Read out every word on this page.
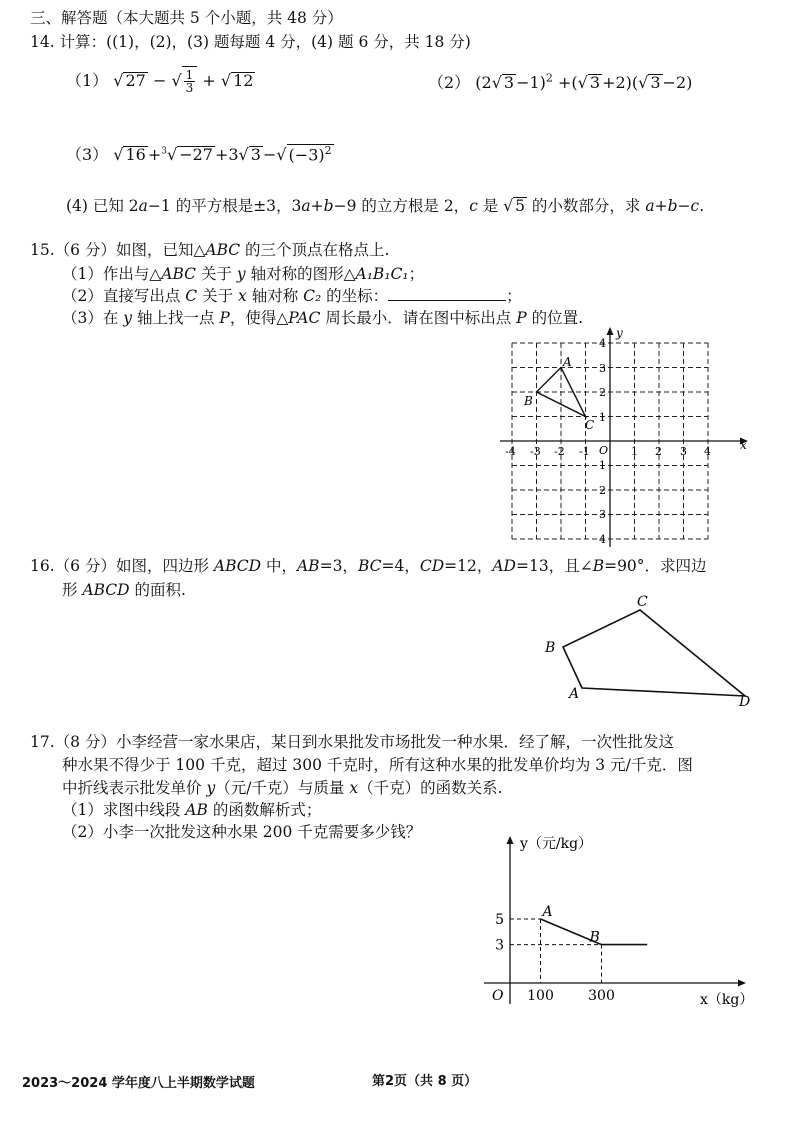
三、解答题（本大题共 5 个小题，共 48 分）
14. 计算：((1)，(2)，(3) 题每题 4 分，(4) 题 6 分，共 18 分)
（1） √ 27 − √ $\frac{1}{3}$ + √ 12	（2） (2√ 3 −1)$^2$ +(√ 3 +2)(√ 3 −2)
（3） √ 16 +$^3$√ −27 +3√ 3 −√ $(-3)^2$
(4) 已知 2a−1 的平方根是±3，3a+b−9 的立方根是 2，c 是 √ 5 的小数部分，求 a+b−c.
15.（6 分）如图，已知△ABC 的三个顶点在格点上.
（1）作出与△ABC 关于 y 轴对称的图形△A₁B₁C₁；
（2）直接写出点 C 关于 x 轴对称 C₂ 的坐标：	；
（3）在 y 轴上找一点 P，使得△PAC 周长最小．请在图中标出点 P 的位置.
x
y
O
-4 -3 -2 -1	1 2 3 4
4
3
2
1
1
2
3
4
A
B
C
16.（6 分）如图，四边形 ABCD 中，AB=3，BC=4，CD=12，AD=13，且∠B=90°．求四边
形 ABCD 的面积.
A
B
C
D
17.（8 分）小李经营一家水果店，某日到水果批发市场批发一种水果．经了解，一次性批发这
种水果不得少于 100 千克，超过 300 千克时，所有这种水果的批发单价均为 3 元/千克．图
中折线表示批发单价 y（元/千克）与质量 x（千克）的函数关系.
（1）求图中线段 AB 的函数解析式；
（2）小李一次批发这种水果 200 千克需要多少钱？
y（元/kg）
x（kg）
O 100 300
5
3
A
B
2023～2024 学年度八上半期数学试题	第2页（共 8 页）
